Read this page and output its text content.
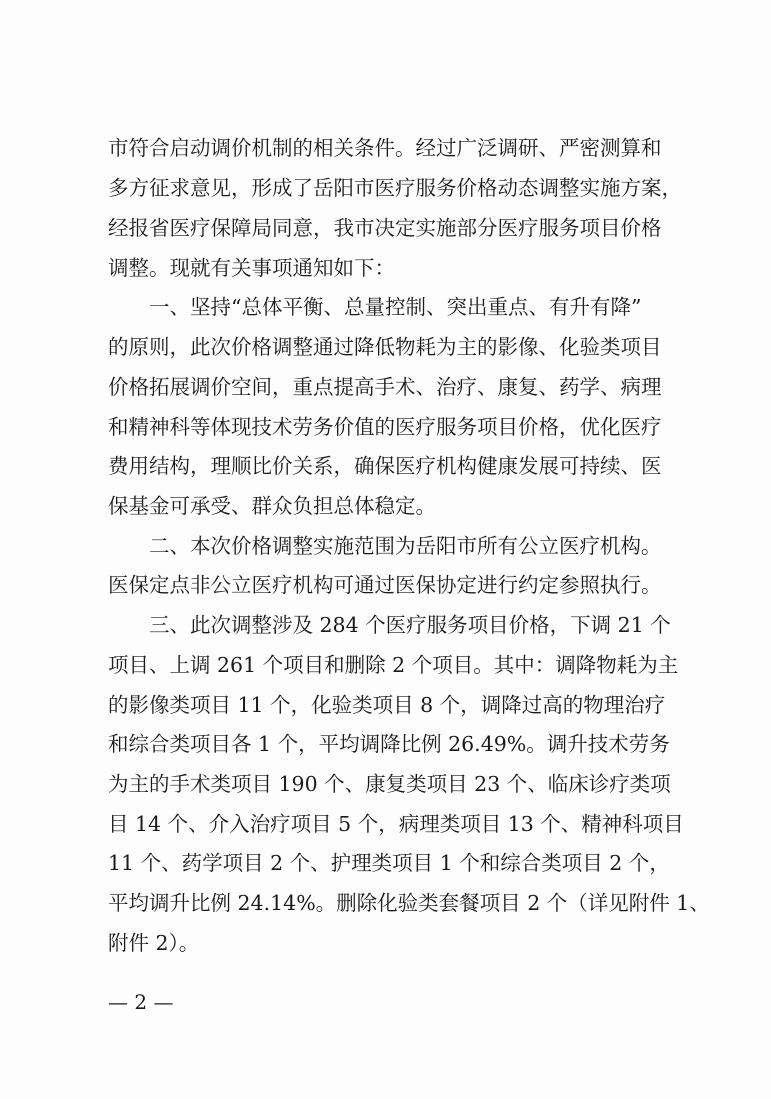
市符合启动调价机制的相关条件。经过广泛调研、严密测算和
多方征求意见，形成了岳阳市医疗服务价格动态调整实施方案，
经报省医疗保障局同意，我市决定实施部分医疗服务项目价格
调整。现就有关事项通知如下：
　　一、坚持“总体平衡、总量控制、突出重点、有升有降”
的原则，此次价格调整通过降低物耗为主的影像、化验类项目
价格拓展调价空间，重点提高手术、治疗、康复、药学、病理
和精神科等体现技术劳务价值的医疗服务项目价格，优化医疗
费用结构，理顺比价关系，确保医疗机构健康发展可持续、医
保基金可承受、群众负担总体稳定。
　　二、本次价格调整实施范围为岳阳市所有公立医疗机构。
医保定点非公立医疗机构可通过医保协定进行约定参照执行。
　　三、此次调整涉及 284 个医疗服务项目价格，下调 21 个
项目、上调 261 个项目和删除 2 个项目。其中：调降物耗为主
的影像类项目 11 个，化验类项目 8 个，调降过高的物理治疗
和综合类项目各 1 个，平均调降比例 26.49%。调升技术劳务
为主的手术类项目 190 个、康复类项目 23 个、临床诊疗类项
目 14 个、介入治疗项目 5 个，病理类项目 13 个、精神科项目
11 个、药学项目 2 个、护理类项目 1 个和综合类项目 2 个，
平均调升比例 24.14%。删除化验类套餐项目 2 个（详见附件 1、
附件 2）。
— 2 —
